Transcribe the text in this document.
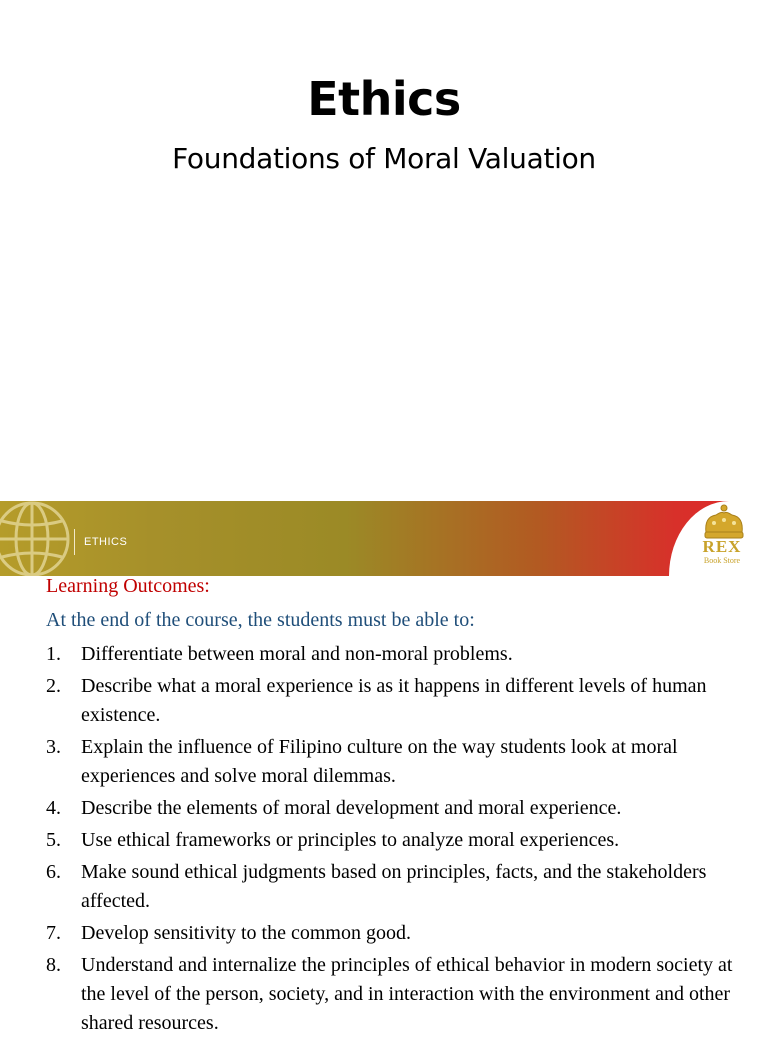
Ethics
Foundations of Moral Valuation
ETHICS	REX
Book Store
Learning Outcomes:
At the end of the course, the students must be able to:
1. Differentiate between moral and non-moral problems.
2. Describe what a moral experience is as it happens in different levels of human existence.
3. Explain the influence of Filipino culture on the way students look at moral experiences and solve moral dilemmas.
4. Describe the elements of moral development and moral experience.
5. Use ethical frameworks or principles to analyze moral experiences.
6. Make sound ethical judgments based on principles, facts, and the stakeholders affected.
7. Develop sensitivity to the common good.
8. Understand and internalize the principles of ethical behavior in modern society at the level of the person, society, and in interaction with the environment and other shared resources.
